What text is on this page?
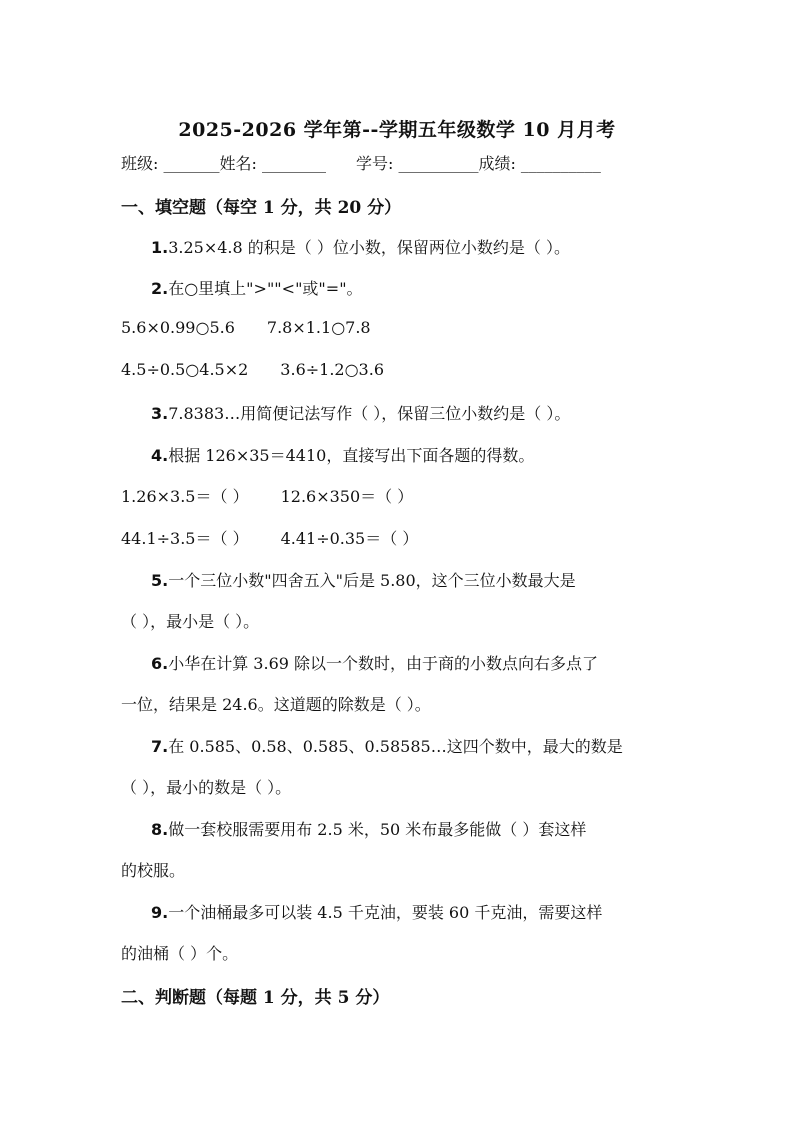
2025-2026 学年第--学期五年级数学 10 月月考
班级: _______姓名: ________ 学号: __________成绩: __________
一、填空题（每空 1 分，共 20 分）
1.3.25×4.8 的积是（ ）位小数，保留两位小数约是（ ）。
2.在○里填上">""<"或"="。
5.6×0.99○5.6 7.8×1.1○7.8
4.5÷0.5○4.5×2 3.6÷1.2○3.6
3.7.8383…用简便记法写作（ ），保留三位小数约是（ ）。
4.根据 126×35＝4410，直接写出下面各题的得数。
1.26×3.5＝（ ） 12.6×350＝（ ）
44.1÷3.5＝（ ） 4.41÷0.35＝（ ）
5.一个三位小数"四舍五入"后是 5.80，这个三位小数最大是
（ ），最小是（ ）。
6.小华在计算 3.69 除以一个数时，由于商的小数点向右多点了
一位，结果是 24.6。这道题的除数是（ ）。
7.在 0.585、0.58、0.585、0.58585…这四个数中，最大的数是
（ ），最小的数是（ ）。
8.做一套校服需要用布 2.5 米，50 米布最多能做（ ）套这样
的校服。
9.一个油桶最多可以装 4.5 千克油，要装 60 千克油，需要这样
的油桶（ ）个。
二、判断题（每题 1 分，共 5 分）
